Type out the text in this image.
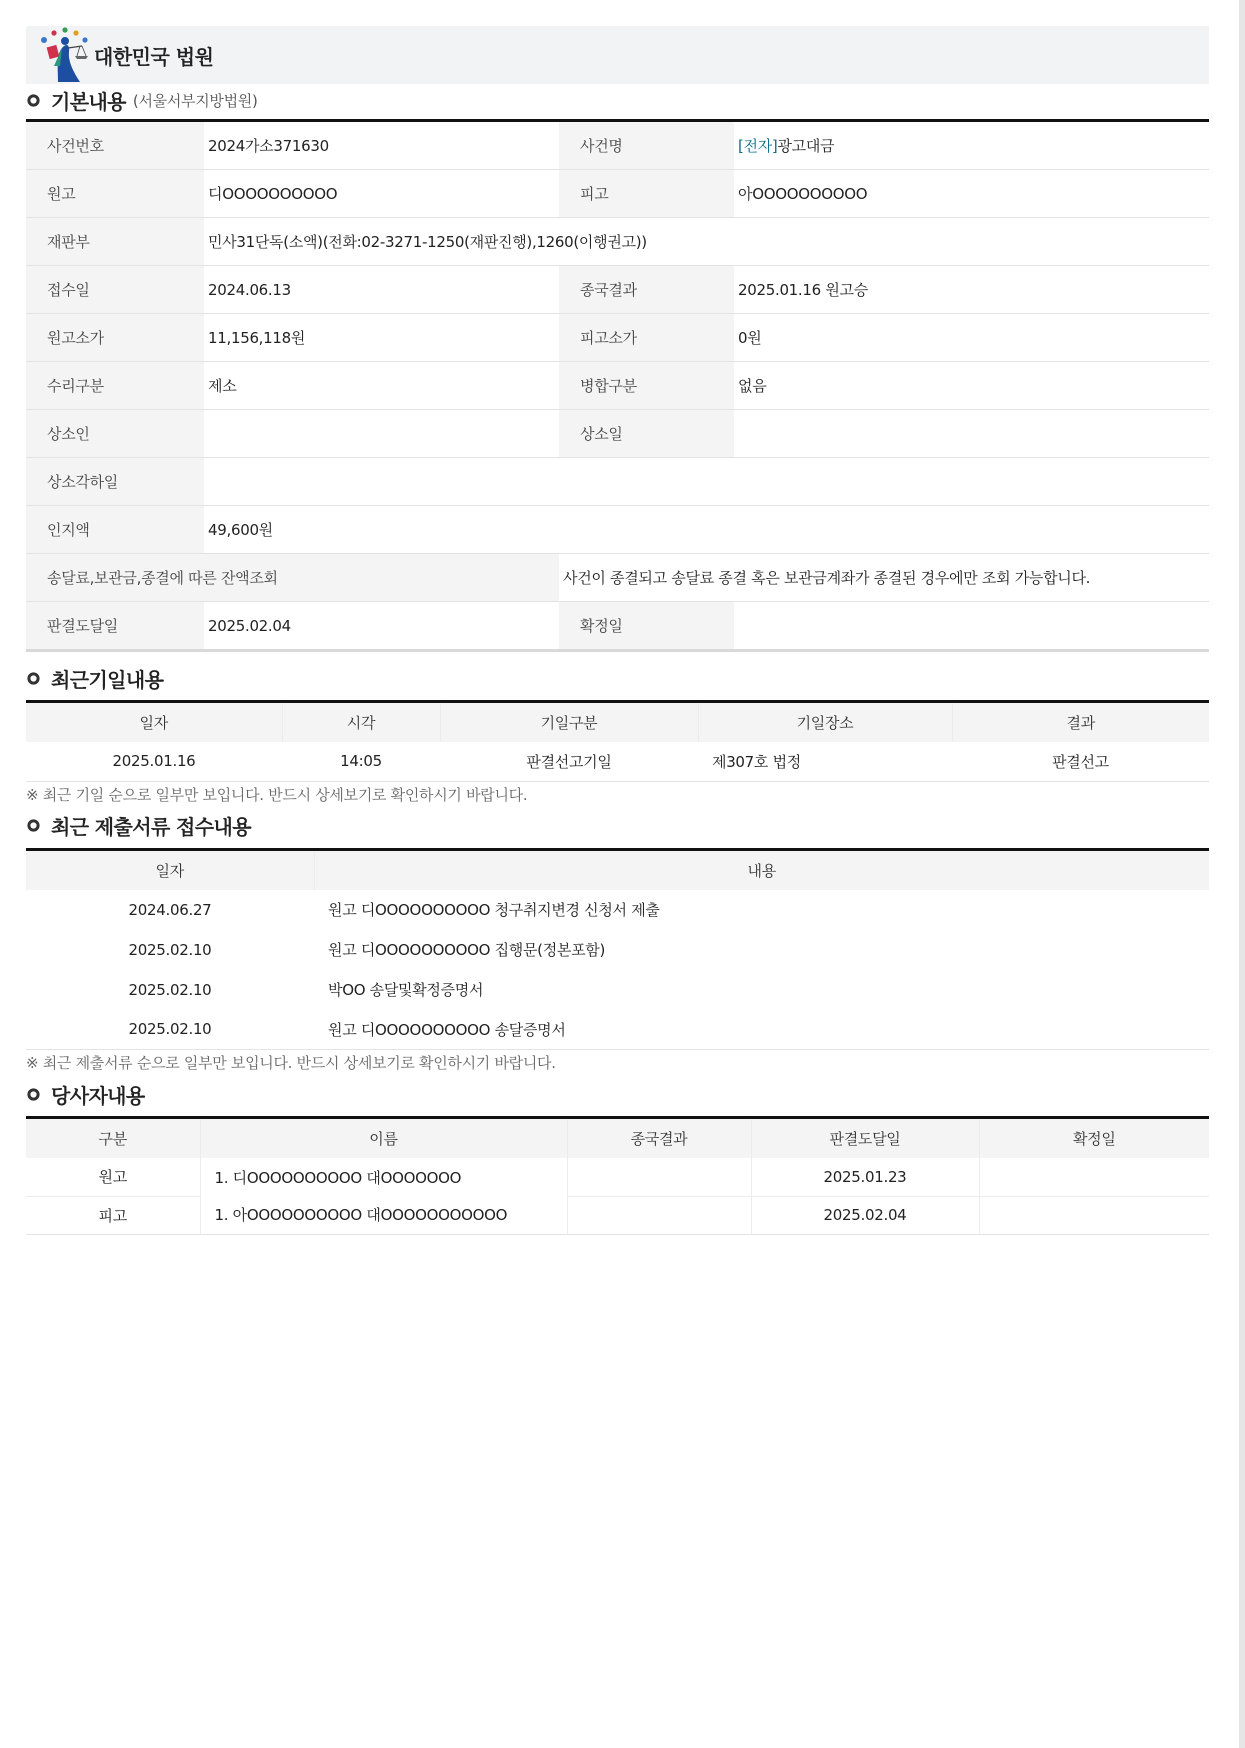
대한민국 법원
기본내용 (서울서부지방법원)
사건번호	2024가소371630	사건명	[전자]광고대금
원고	디OOOOOOOOOO	피고	아OOOOOOOOOO
재판부	민사31단독(소액)(전화:02-3271-1250(재판진행),1260(이행권고))		
접수일	2024.06.13	종국결과	2025.01.16 원고승
원고소가	11,156,118원	피고소가	0원
수리구분	제소	병합구분	없음
상소인		상소일	
상소각하일			
인지액	49,600원		
송달료,보관금,종결에 따른 잔액조회		사건이 종결되고 송달료 종결 혹은 보관금계좌가 종결된 경우에만 조회 가능합니다.	
판결도달일	2025.02.04	확정일	
최근기일내용
일자	시각	기일구분	기일장소	결과
2025.01.16	14:05	판결선고기일	제307호 법정	판결선고
※ 최근 기일 순으로 일부만 보입니다. 반드시 상세보기로 확인하시기 바랍니다.
최근 제출서류 접수내용
일자	내용
2024.06.27	원고 디OOOOOOOOOO 청구취지변경 신청서 제출
2025.02.10	원고 디OOOOOOOOOO 집행문(정본포함)
2025.02.10	박OO 송달및확정증명서
2025.02.10	원고 디OOOOOOOOOO 송달증명서
※ 최근 제출서류 순으로 일부만 보입니다. 반드시 상세보기로 확인하시기 바랍니다.
당사자내용
구분	이름	종국결과	판결도달일	확정일
원고	1. 디OOOOOOOOOO 대OOOOOOO		2025.01.23	
피고	1. 아OOOOOOOOOO 대OOOOOOOOOOO		2025.02.04	
